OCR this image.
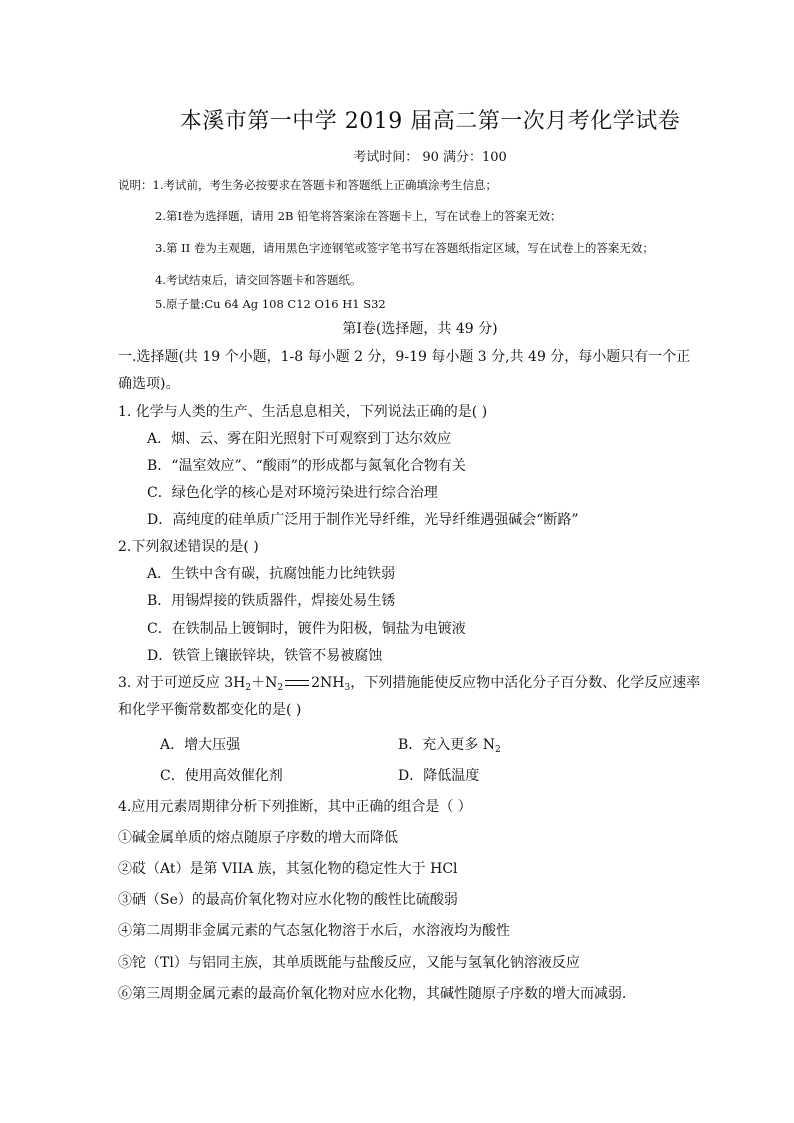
本溪市第一中学 2019 届高二第一次月考化学试卷
考试时间： 90 满分：100
说明：1.考试前，考生务必按要求在答题卡和答题纸上正确填涂考生信息；
2.第Ⅰ卷为选择题，请用 2B 铅笔将答案涂在答题卡上，写在试卷上的答案无效；
3.第 II 卷为主观题，请用黑色字迹钢笔或签字笔书写在答题纸指定区域，写在试卷上的答案无效；
4.考试结束后，请交回答题卡和答题纸。
5.原子量:Cu 64 Ag 108 C12 O16 H1 S32
第Ⅰ卷(选择题，共 49 分)
一.选择题(共 19 个小题，1-8 每小题 2 分，9-19 每小题 3 分,共 49 分，每小题只有一个正
确选项)。
1. 化学与人类的生产、生活息息相关，下列说法正确的是( )
A．烟、云、雾在阳光照射下可观察到丁达尔效应
B．“温室效应”、“酸雨”的形成都与氮氧化合物有关
C．绿色化学的核心是对环境污染进行综合治理
D．高纯度的硅单质广泛用于制作光导纤维，光导纤维遇强碱会“断路”
2.下列叙述错误的是( )
A．生铁中含有碳，抗腐蚀能力比纯铁弱
B．用锡焊接的铁质器件，焊接处易生锈
C．在铁制品上镀铜时，镀件为阳极，铜盐为电镀液
D．铁管上镶嵌锌块，铁管不易被腐蚀
3. 对于可逆反应 $3H_2+N_2$ $2NH_3$，下列措施能使反应物中活化分子百分数、化学反应速率
和化学平衡常数都变化的是( )
A．增大压强	B．充入更多 $N_2$
C．使用高效催化剂	D．降低温度
4.应用元素周期律分析下列推断，其中正确的组合是（ ）
①碱金属单质的熔点随原子序数的增大而降低
②砹（At）是第 VIIA 族，其氢化物的稳定性大于 HCl
③硒（Se）的最高价氧化物对应水化物的酸性比硫酸弱
④第二周期非金属元素的气态氢化物溶于水后，水溶液均为酸性
⑤铊（Tl）与铝同主族，其单质既能与盐酸反应，又能与氢氧化钠溶液反应
⑥第三周期金属元素的最高价氧化物对应水化物，其碱性随原子序数的增大而减弱．
